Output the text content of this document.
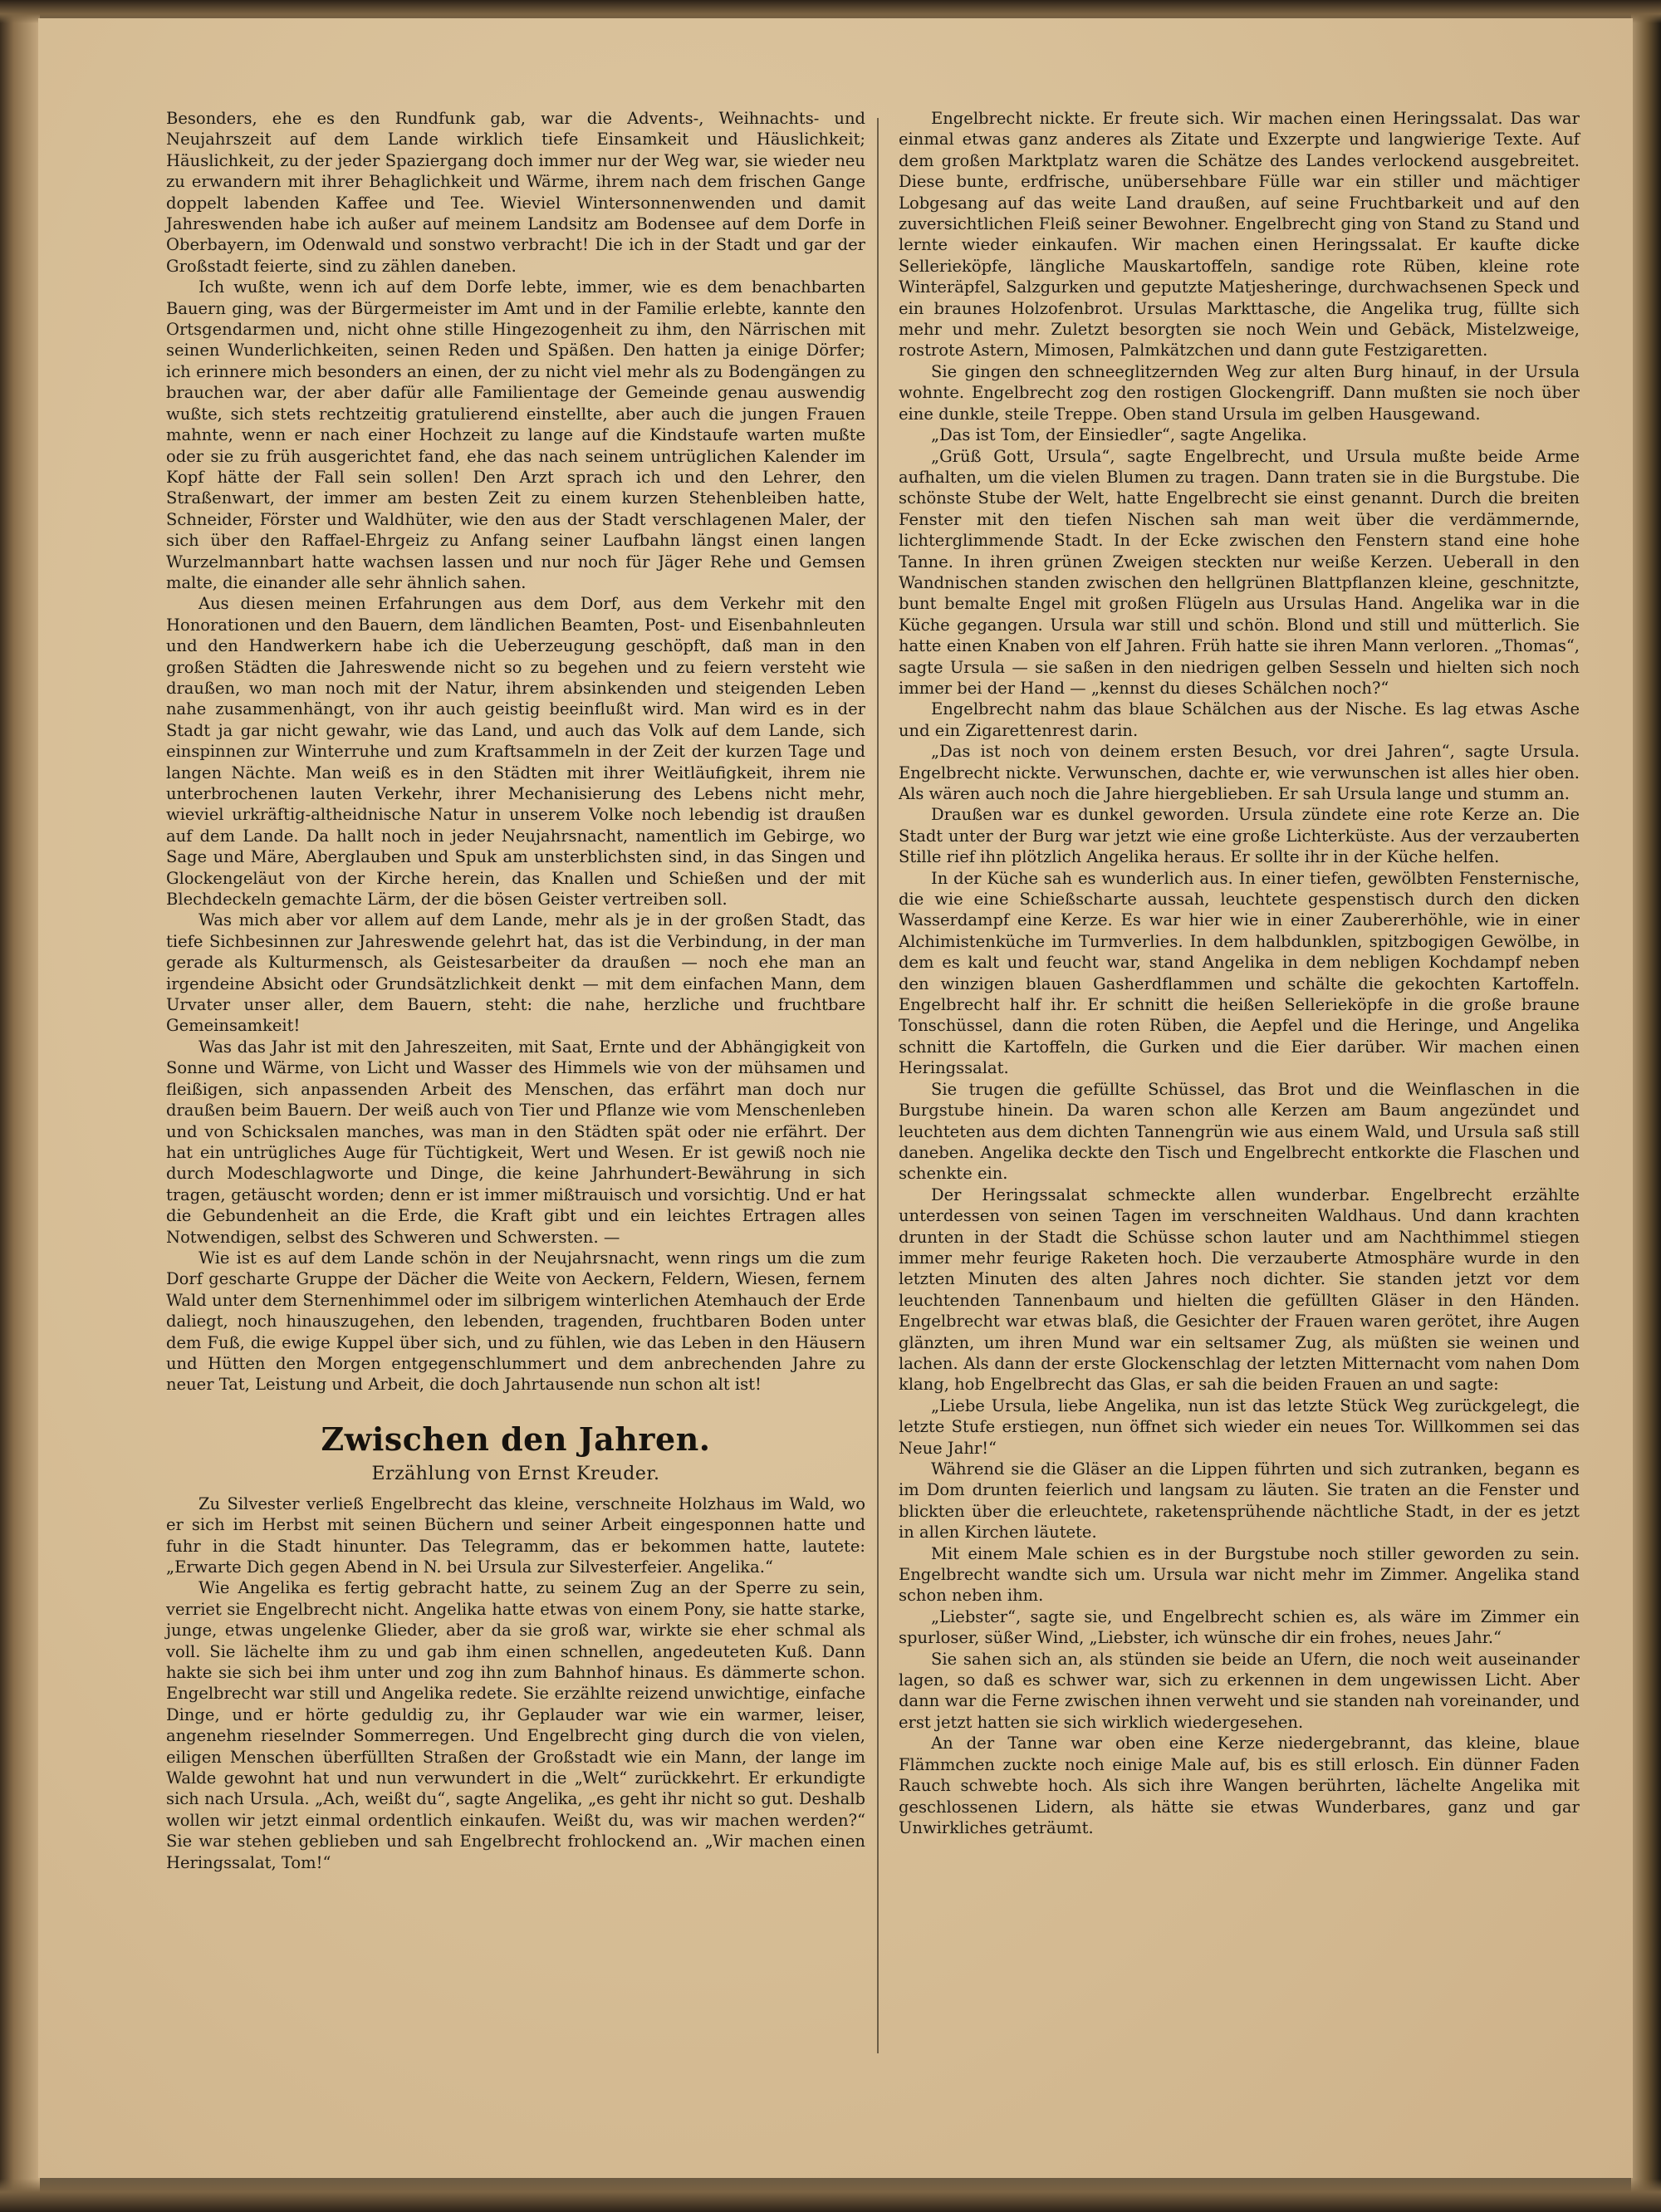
Besonders, ehe es den Rundfunk gab, war die Advents-, Weihnachts- und Neujahrszeit auf dem Lande wirklich tiefe Einsamkeit und Häuslichkeit; Häuslichkeit, zu der jeder Spaziergang doch immer nur der Weg war, sie wieder neu zu erwandern mit ihrer Behaglichkeit und Wärme, ihrem nach dem frischen Gange doppelt labenden Kaffee und Tee. Wieviel Wintersonnenwenden und damit Jahreswenden habe ich außer auf meinem Landsitz am Bodensee auf dem Dorfe in Oberbayern, im Odenwald und sonstwo verbracht! Die ich in der Stadt und gar der Großstadt feierte, sind zu zählen daneben.

Ich wußte, wenn ich auf dem Dorfe lebte, immer, wie es dem benachbarten Bauern ging, was der Bürgermeister im Amt und in der Familie erlebte, kannte den Ortsgendarmen und, nicht ohne stille Hingezogenheit zu ihm, den Närrischen mit seinen Wunderlichkeiten, seinen Reden und Späßen. Den hatten ja einige Dörfer; ich erinnere mich besonders an einen, der zu nicht viel mehr als zu Bodengängen zu brauchen war, der aber dafür alle Familientage der Gemeinde genau auswendig wußte, sich stets rechtzeitig gratulierend einstellte, aber auch die jungen Frauen mahnte, wenn er nach einer Hochzeit zu lange auf die Kindstaufe warten mußte oder sie zu früh ausgerichtet fand, ehe das nach seinem untrüglichen Kalender im Kopf hätte der Fall sein sollen! Den Arzt sprach ich und den Lehrer, den Straßenwart, der immer am besten Zeit zu einem kurzen Stehenbleiben hatte, Schneider, Förster und Waldhüter, wie den aus der Stadt verschlagenen Maler, der sich über den Raffael-Ehrgeiz zu Anfang seiner Laufbahn längst einen langen Wurzelmannbart hatte wachsen lassen und nur noch für Jäger Rehe und Gemsen malte, die einander alle sehr ähnlich sahen.

Aus diesen meinen Erfahrungen aus dem Dorf, aus dem Verkehr mit den Honorationen und den Bauern, dem ländlichen Beamten, Post- und Eisenbahnleuten und den Handwerkern habe ich die Ueberzeugung geschöpft, daß man in den großen Städten die Jahreswende nicht so zu begehen und zu feiern versteht wie draußen, wo man noch mit der Natur, ihrem absinkenden und steigenden Leben nahe zusammenhängt, von ihr auch geistig beeinflußt wird. Man wird es in der Stadt ja gar nicht gewahr, wie das Land, und auch das Volk auf dem Lande, sich einspinnen zur Winterruhe und zum Kraftsammeln in der Zeit der kurzen Tage und langen Nächte. Man weiß es in den Städten mit ihrer Weitläufigkeit, ihrem nie unterbrochenen lauten Verkehr, ihrer Mechanisierung des Lebens nicht mehr, wieviel urkräftig-altheidnische Natur in unserem Volke noch lebendig ist draußen auf dem Lande. Da hallt noch in jeder Neujahrsnacht, namentlich im Gebirge, wo Sage und Märe, Aberglauben und Spuk am unsterblichsten sind, in das Singen und Glockengeläut von der Kirche herein, das Knallen und Schießen und der mit Blechdeckeln gemachte Lärm, der die bösen Geister vertreiben soll.

Was mich aber vor allem auf dem Lande, mehr als je in der großen Stadt, das tiefe Sichbesinnen zur Jahreswende gelehrt hat, das ist die Verbindung, in der man gerade als Kulturmensch, als Geistesarbeiter da draußen — noch ehe man an irgendeine Absicht oder Grundsätzlichkeit denkt — mit dem einfachen Mann, dem Urvater unser aller, dem Bauern, steht: die nahe, herzliche und fruchtbare Gemeinsamkeit!

Was das Jahr ist mit den Jahreszeiten, mit Saat, Ernte und der Abhängigkeit von Sonne und Wärme, von Licht und Wasser des Himmels wie von der mühsamen und fleißigen, sich anpassenden Arbeit des Menschen, das erfährt man doch nur draußen beim Bauern. Der weiß auch von Tier und Pflanze wie vom Menschenleben und von Schicksalen manches, was man in den Städten spät oder nie erfährt. Der hat ein untrügliches Auge für Tüchtigkeit, Wert und Wesen. Er ist gewiß noch nie durch Modeschlagworte und Dinge, die keine Jahrhundert-Bewährung in sich tragen, getäuscht worden; denn er ist immer mißtrauisch und vorsichtig. Und er hat die Gebundenheit an die Erde, die Kraft gibt und ein leichtes Ertragen alles Notwendigen, selbst des Schweren und Schwersten. —

Wie ist es auf dem Lande schön in der Neujahrsnacht, wenn rings um die zum Dorf gescharte Gruppe der Dächer die Weite von Aeckern, Feldern, Wiesen, fernem Wald unter dem Sternenhimmel oder im silbrigem winterlichen Atemhauch der Erde daliegt, noch hinauszugehen, den lebenden, tragenden, fruchtbaren Boden unter dem Fuß, die ewige Kuppel über sich, und zu fühlen, wie das Leben in den Häusern und Hütten den Morgen entgegenschlummert und dem anbrechenden Jahre zu neuer Tat, Leistung und Arbeit, die doch Jahrtausende nun schon alt ist!

Zwischen den Jahren.
Erzählung von Ernst Kreuder.

Zu Silvester verließ Engelbrecht das kleine, verschneite Holzhaus im Wald, wo er sich im Herbst mit seinen Büchern und seiner Arbeit eingesponnen hatte und fuhr in die Stadt hinunter. Das Telegramm, das er bekommen hatte, lautete: „Erwarte Dich gegen Abend in N. bei Ursula zur Silvesterfeier. Angelika.“

Wie Angelika es fertig gebracht hatte, zu seinem Zug an der Sperre zu sein, verriet sie Engelbrecht nicht. Angelika hatte etwas von einem Pony, sie hatte starke, junge, etwas ungelenke Glieder, aber da sie groß war, wirkte sie eher schmal als voll. Sie lächelte ihm zu und gab ihm einen schnellen, angedeuteten Kuß. Dann hakte sie sich bei ihm unter und zog ihn zum Bahnhof hinaus. Es dämmerte schon. Engelbrecht war still und Angelika redete. Sie erzählte reizend unwichtige, einfache Dinge, und er hörte geduldig zu, ihr Geplauder war wie ein warmer, leiser, angenehm rieselnder Sommerregen. Und Engelbrecht ging durch die von vielen, eiligen Menschen überfüllten Straßen der Großstadt wie ein Mann, der lange im Walde gewohnt hat und nun verwundert in die „Welt“ zurückkehrt. Er erkundigte sich nach Ursula. „Ach, weißt du“, sagte Angelika, „es geht ihr nicht so gut. Deshalb wollen wir jetzt einmal ordentlich einkaufen. Weißt du, was wir machen werden?“ Sie war stehen geblieben und sah Engelbrecht frohlockend an. „Wir machen einen Heringssalat, Tom!“

Engelbrecht nickte. Er freute sich. Wir machen einen Heringssalat. Das war einmal etwas ganz anderes als Zitate und Exzerpte und langwierige Texte. Auf dem großen Marktplatz waren die Schätze des Landes verlockend ausgebreitet. Diese bunte, erdfrische, unübersehbare Fülle war ein stiller und mächtiger Lobgesang auf das weite Land draußen, auf seine Fruchtbarkeit und auf den zuversichtlichen Fleiß seiner Bewohner. Engelbrecht ging von Stand zu Stand und lernte wieder einkaufen. Wir machen einen Heringssalat. Er kaufte dicke Sellerieköpfe, längliche Mauskartoffeln, sandige rote Rüben, kleine rote Winteräpfel, Salzgurken und geputzte Matjesheringe, durchwachsenen Speck und ein braunes Holzofenbrot. Ursulas Markttasche, die Angelika trug, füllte sich mehr und mehr. Zuletzt besorgten sie noch Wein und Gebäck, Mistelzweige, rostrote Astern, Mimosen, Palmkätzchen und dann gute Festzigaretten.

Sie gingen den schneeglitzernden Weg zur alten Burg hinauf, in der Ursula wohnte. Engelbrecht zog den rostigen Glockengriff. Dann mußten sie noch über eine dunkle, steile Treppe. Oben stand Ursula im gelben Hausgewand.

„Das ist Tom, der Einsiedler“, sagte Angelika.

„Grüß Gott, Ursula“, sagte Engelbrecht, und Ursula mußte beide Arme aufhalten, um die vielen Blumen zu tragen. Dann traten sie in die Burgstube. Die schönste Stube der Welt, hatte Engelbrecht sie einst genannt. Durch die breiten Fenster mit den tiefen Nischen sah man weit über die verdämmernde, lichterglimmende Stadt. In der Ecke zwischen den Fenstern stand eine hohe Tanne. In ihren grünen Zweigen steckten nur weiße Kerzen. Ueberall in den Wandnischen standen zwischen den hellgrünen Blattpflanzen kleine, geschnitzte, bunt bemalte Engel mit großen Flügeln aus Ursulas Hand. Angelika war in die Küche gegangen. Ursula war still und schön. Blond und still und mütterlich. Sie hatte einen Knaben von elf Jahren. Früh hatte sie ihren Mann verloren. „Thomas“, sagte Ursula — sie saßen in den niedrigen gelben Sesseln und hielten sich noch immer bei der Hand — „kennst du dieses Schälchen noch?“

Engelbrecht nahm das blaue Schälchen aus der Nische. Es lag etwas Asche und ein Zigarettenrest darin.

„Das ist noch von deinem ersten Besuch, vor drei Jahren“, sagte Ursula. Engelbrecht nickte. Verwunschen, dachte er, wie verwunschen ist alles hier oben. Als wären auch noch die Jahre hiergeblieben. Er sah Ursula lange und stumm an.

Draußen war es dunkel geworden. Ursula zündete eine rote Kerze an. Die Stadt unter der Burg war jetzt wie eine große Lichterküste. Aus der verzauberten Stille rief ihn plötzlich Angelika heraus. Er sollte ihr in der Küche helfen.

In der Küche sah es wunderlich aus. In einer tiefen, gewölbten Fensternische, die wie eine Schießscharte aussah, leuchtete gespenstisch durch den dicken Wasserdampf eine Kerze. Es war hier wie in einer Zaubererhöhle, wie in einer Alchimistenküche im Turmverlies. In dem halbdunklen, spitzbogigen Gewölbe, in dem es kalt und feucht war, stand Angelika in dem nebligen Kochdampf neben den winzigen blauen Gasherdflammen und schälte die gekochten Kartoffeln. Engelbrecht half ihr. Er schnitt die heißen Sellerieköpfe in die große braune Tonschüssel, dann die roten Rüben, die Aepfel und die Heringe, und Angelika schnitt die Kartoffeln, die Gurken und die Eier darüber. Wir machen einen Heringssalat.

Sie trugen die gefüllte Schüssel, das Brot und die Weinflaschen in die Burgstube hinein. Da waren schon alle Kerzen am Baum angezündet und leuchteten aus dem dichten Tannengrün wie aus einem Wald, und Ursula saß still daneben. Angelika deckte den Tisch und Engelbrecht entkorkte die Flaschen und schenkte ein.

Der Heringssalat schmeckte allen wunderbar. Engelbrecht erzählte unterdessen von seinen Tagen im verschneiten Waldhaus. Und dann krachten drunten in der Stadt die Schüsse schon lauter und am Nachthimmel stiegen immer mehr feurige Raketen hoch. Die verzauberte Atmosphäre wurde in den letzten Minuten des alten Jahres noch dichter. Sie standen jetzt vor dem leuchtenden Tannenbaum und hielten die gefüllten Gläser in den Händen. Engelbrecht war etwas blaß, die Gesichter der Frauen waren gerötet, ihre Augen glänzten, um ihren Mund war ein seltsamer Zug, als müßten sie weinen und lachen. Als dann der erste Glockenschlag der letzten Mitternacht vom nahen Dom klang, hob Engelbrecht das Glas, er sah die beiden Frauen an und sagte:

„Liebe Ursula, liebe Angelika, nun ist das letzte Stück Weg zurückgelegt, die letzte Stufe erstiegen, nun öffnet sich wieder ein neues Tor. Willkommen sei das Neue Jahr!“

Während sie die Gläser an die Lippen führten und sich zutranken, begann es im Dom drunten feierlich und langsam zu läuten. Sie traten an die Fenster und blickten über die erleuchtete, raketensprühende nächtliche Stadt, in der es jetzt in allen Kirchen läutete.

Mit einem Male schien es in der Burgstube noch stiller geworden zu sein. Engelbrecht wandte sich um. Ursula war nicht mehr im Zimmer. Angelika stand schon neben ihm.

„Liebster“, sagte sie, und Engelbrecht schien es, als wäre im Zimmer ein spurloser, süßer Wind, „Liebster, ich wünsche dir ein frohes, neues Jahr.“

Sie sahen sich an, als stünden sie beide an Ufern, die noch weit auseinander lagen, so daß es schwer war, sich zu erkennen in dem ungewissen Licht. Aber dann war die Ferne zwischen ihnen verweht und sie standen nah voreinander, und erst jetzt hatten sie sich wirklich wiedergesehen.

An der Tanne war oben eine Kerze niedergebrannt, das kleine, blaue Flämmchen zuckte noch einige Male auf, bis es still erlosch. Ein dünner Faden Rauch schwebte hoch. Als sich ihre Wangen berührten, lächelte Angelika mit geschlossenen Lidern, als hätte sie etwas Wunderbares, ganz und gar Unwirkliches geträumt.
